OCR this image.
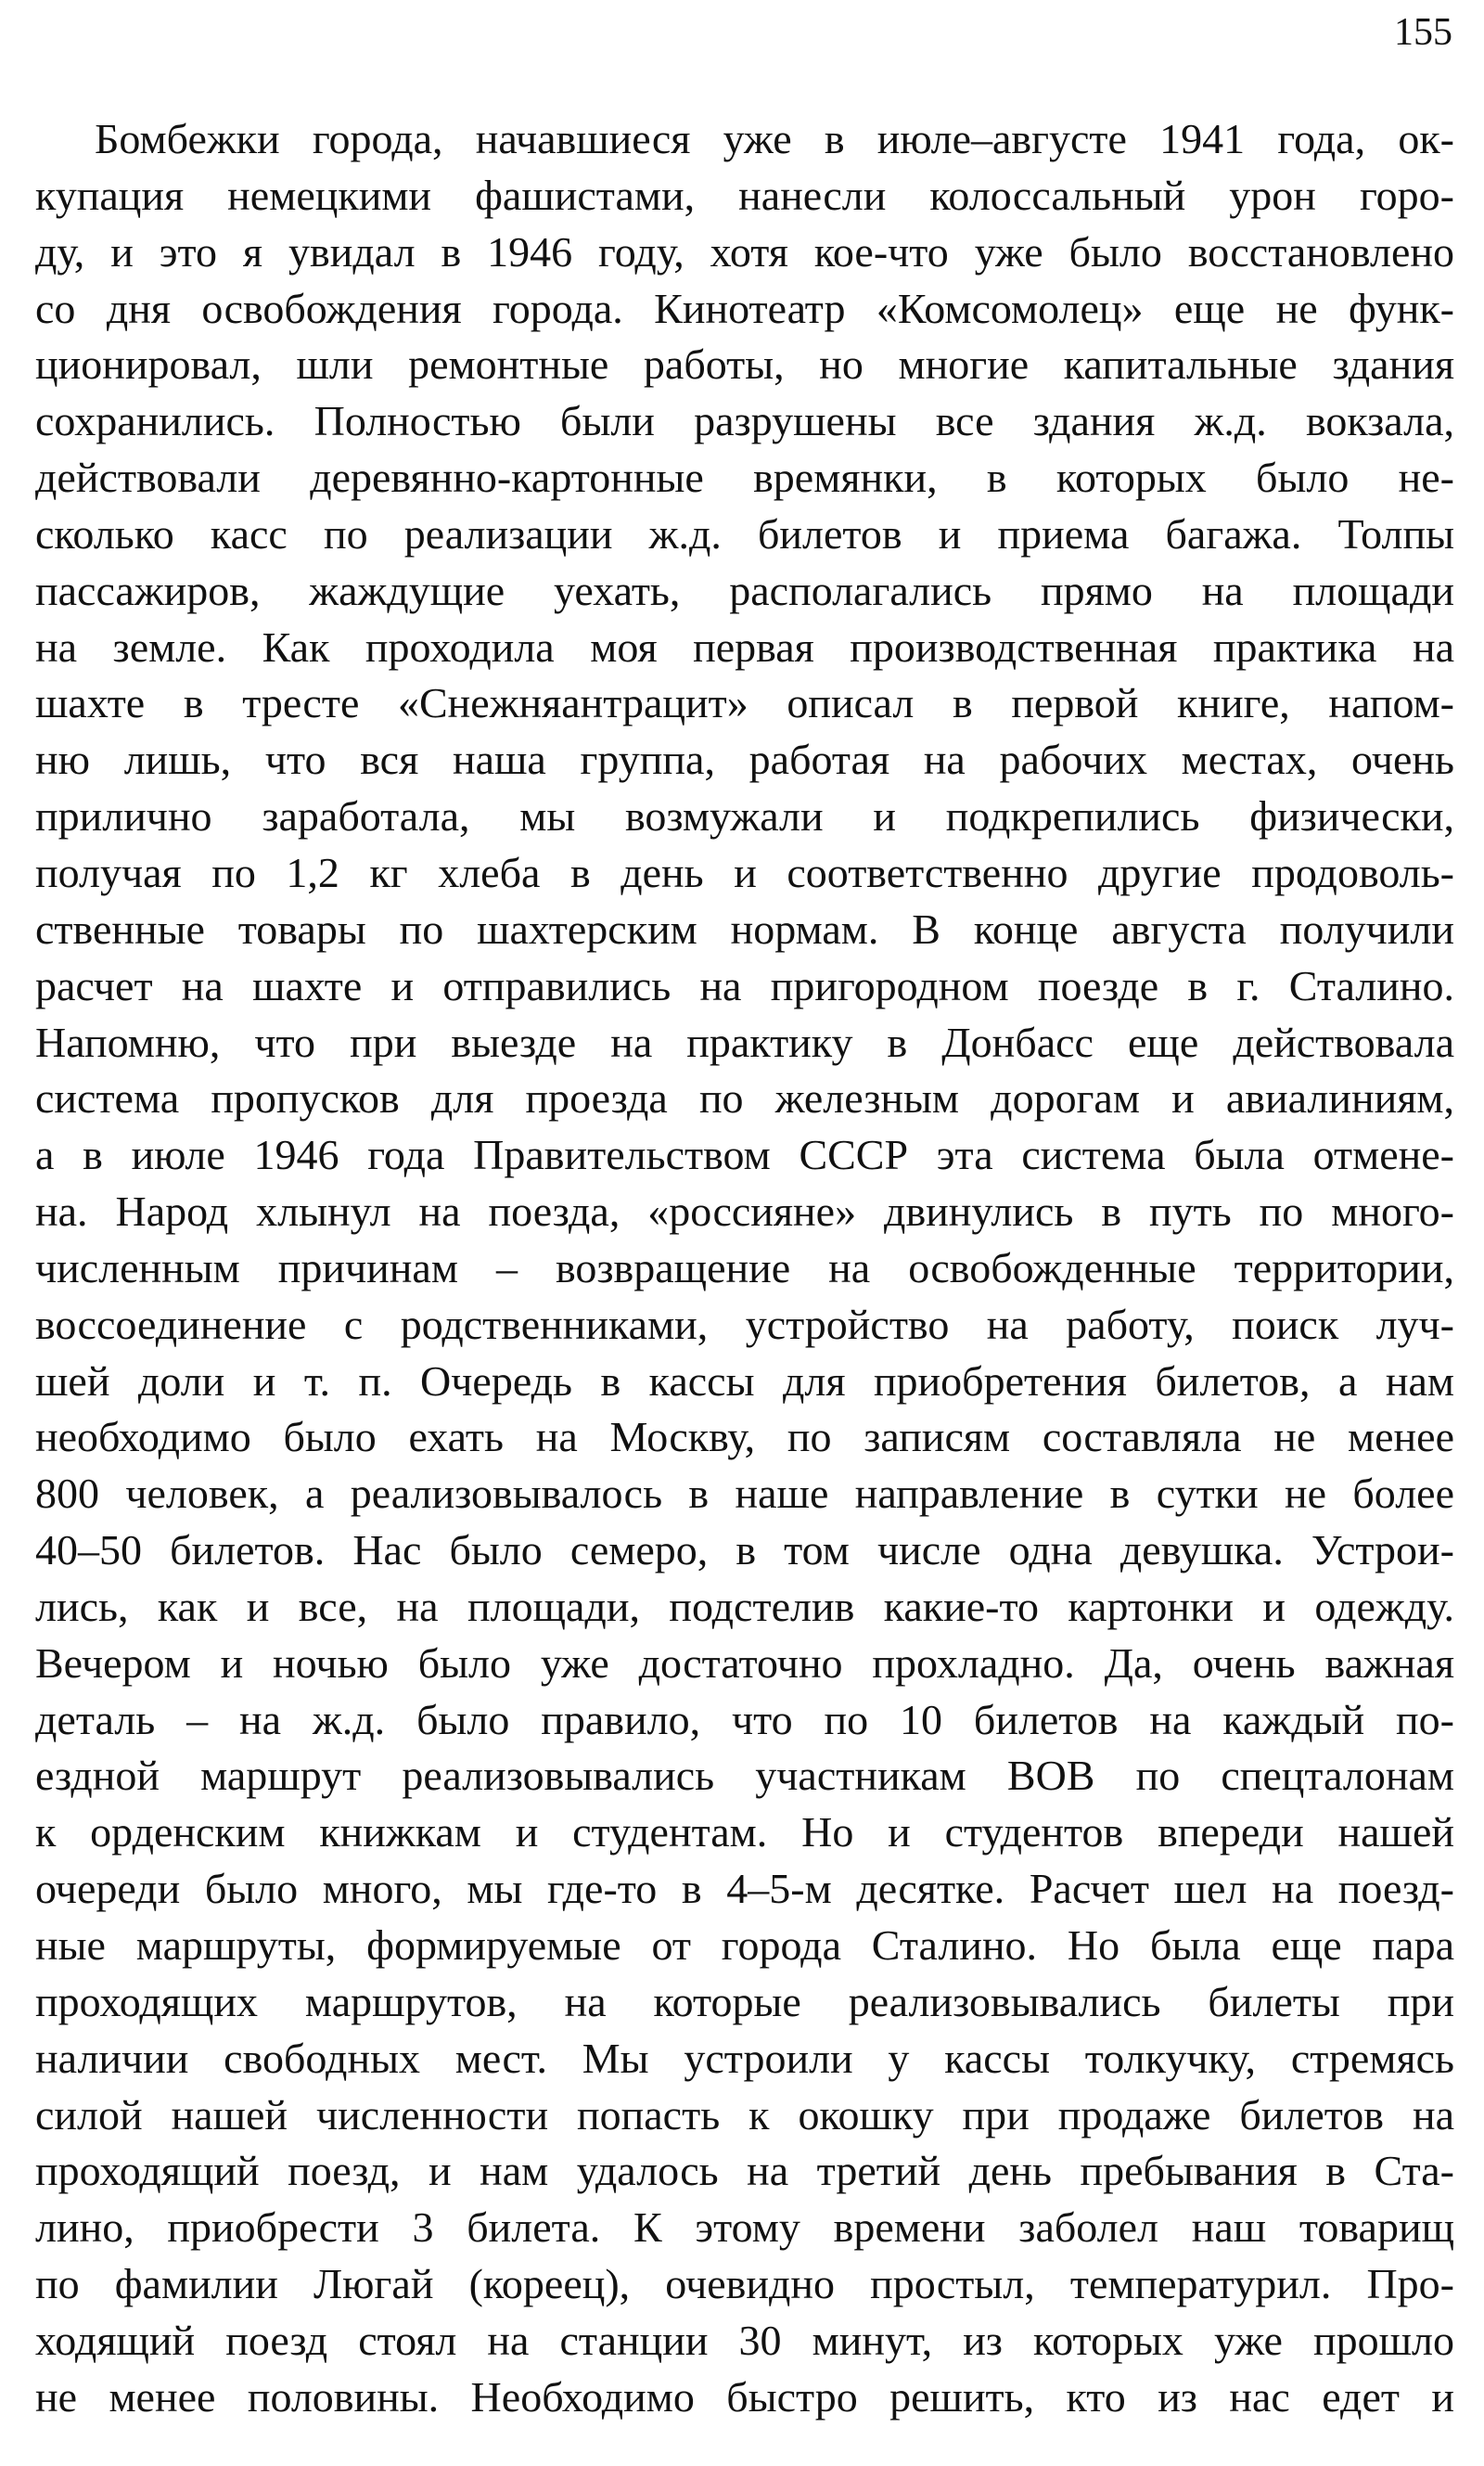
155
Бомбежки города, начавшиеся уже в июле–августе 1941 года, ок-
купация немецкими фашистами, нанесли колоссальный урон горо-
ду, и это я увидал в 1946 году, хотя кое-что уже было восстановлено
со дня освобождения города. Кинотеатр «Комсомолец» еще не функ-
ционировал, шли ремонтные работы, но многие капитальные здания
сохранились. Полностью были разрушены все здания ж.д. вокзала,
действовали деревянно-картонные времянки, в которых было не-
сколько касс по реализации ж.д. билетов и приема багажа. Толпы
пассажиров, жаждущие уехать, располагались прямо на площади
на земле. Как проходила моя первая производственная практика на
шахте в тресте «Снежняантрацит» описал в первой книге, напом-
ню лишь, что вся наша группа, работая на рабочих местах, очень
прилично заработала, мы возмужали и подкрепились физически,
получая по 1,2 кг хлеба в день и соответственно другие продоволь-
ственные товары по шахтерским нормам. В конце августа получили
расчет на шахте и отправились на пригородном поезде в г. Сталино.
Напомню, что при выезде на практику в Донбасс еще действовала
система пропусков для проезда по железным дорогам и авиалиниям,
а в июле 1946 года Правительством СССР эта система была отмене-
на. Народ хлынул на поезда, «россияне» двинулись в путь по много-
численным причинам – возвращение на освобожденные территории,
воссоединение с родственниками, устройство на работу, поиск луч-
шей доли и т. п. Очередь в кассы для приобретения билетов, а нам
необходимо было ехать на Москву, по записям составляла не менее
800 человек, а реализовывалось в наше направление в сутки не более
40–50 билетов. Нас было семеро, в том числе одна девушка. Устрои-
лись, как и все, на площади, подстелив какие-то картонки и одежду.
Вечером и ночью было уже достаточно прохладно. Да, очень важная
деталь – на ж.д. было правило, что по 10 билетов на каждый по-
ездной маршрут реализовывались участникам ВОВ по спецталонам
к орденским книжкам и студентам. Но и студентов впереди нашей
очереди было много, мы где-то в 4–5-м десятке. Расчет шел на поезд-
ные маршруты, формируемые от города Сталино. Но была еще пара
проходящих маршрутов, на которые реализовывались билеты при
наличии свободных мест. Мы устроили у кассы толкучку, стремясь
силой нашей численности попасть к окошку при продаже билетов на
проходящий поезд, и нам удалось на третий день пребывания в Ста-
лино, приобрести 3 билета. К этому времени заболел наш товарищ
по фамилии Люгай (кореец), очевидно простыл, температурил. Про-
ходящий поезд стоял на станции 30 минут, из которых уже прошло
не менее половины. Необходимо быстро решить, кто из нас едет и
